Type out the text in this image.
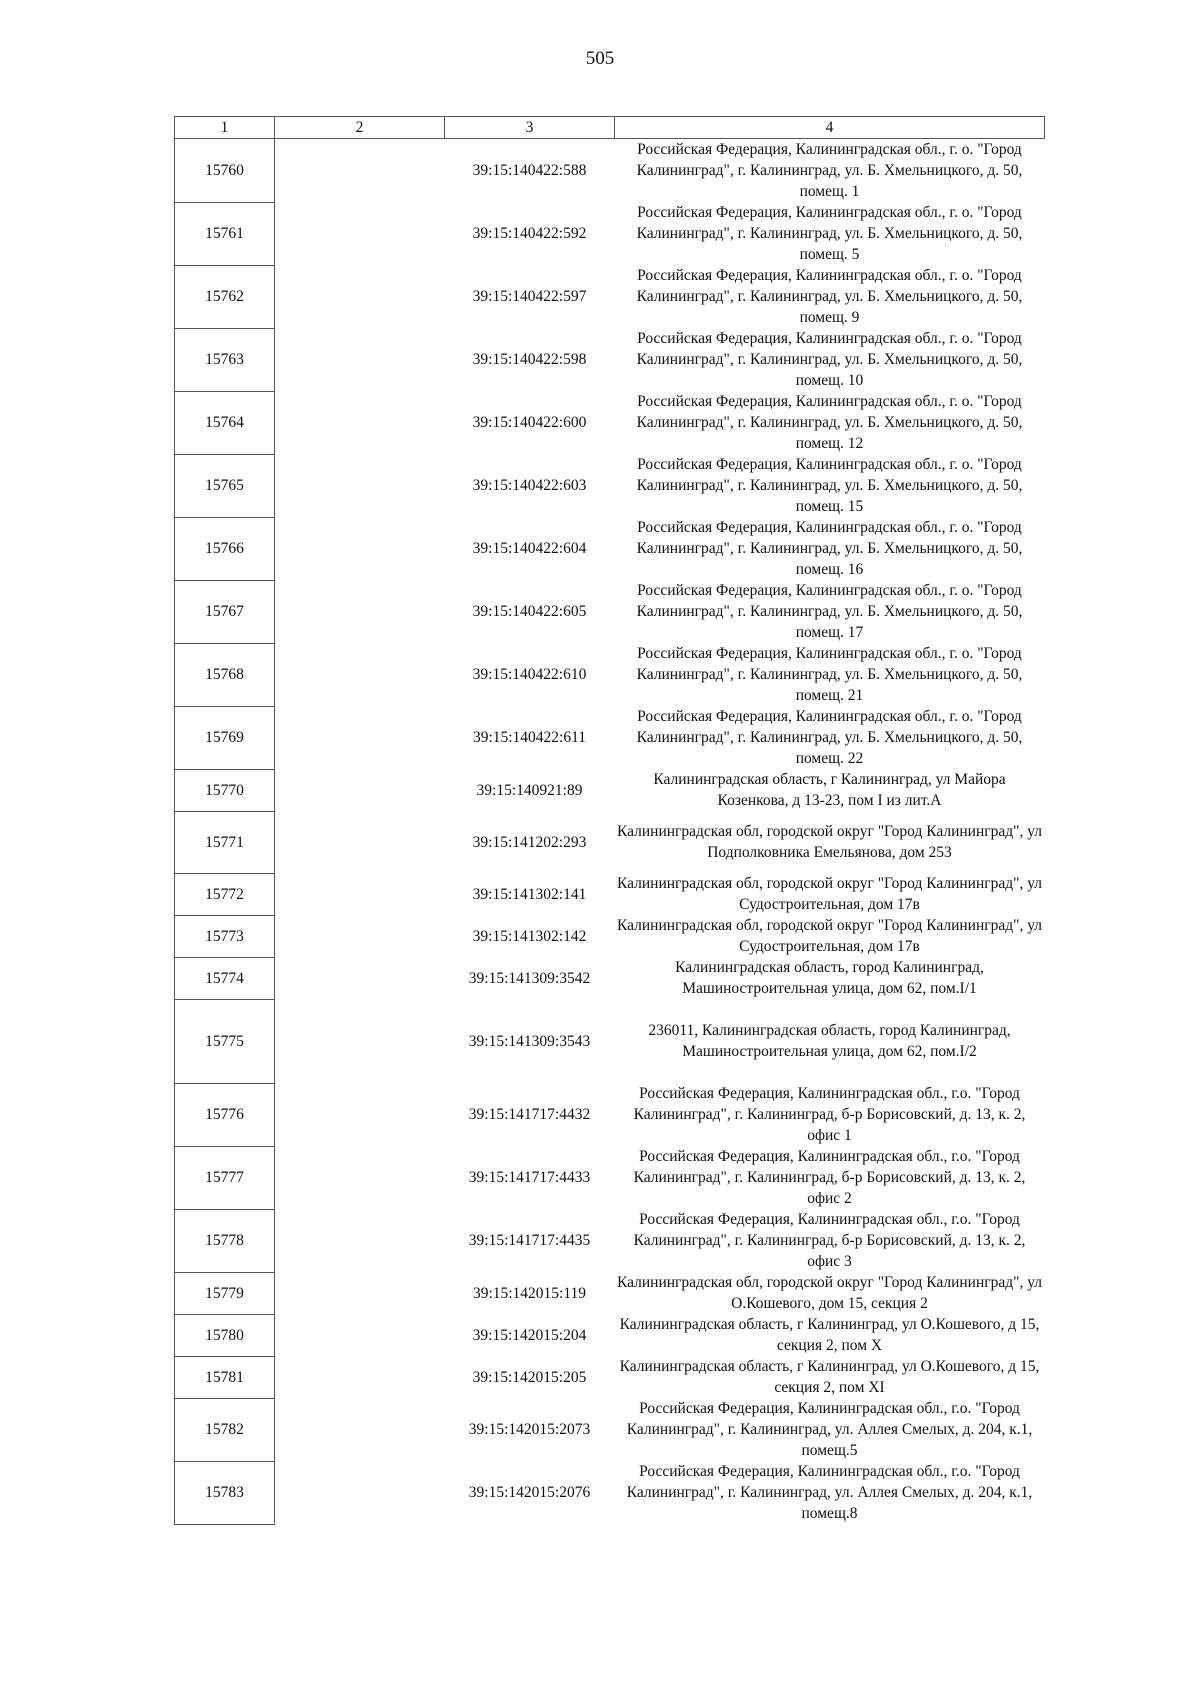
505
1	2	3	4
15760		39:15:140422:588	Российская Федерация, Калининградская обл., г. о. "Город Калининград", г. Калининград, ул. Б. Хмельницкого, д. 50, помещ. 1
15761		39:15:140422:592	Российская Федерация, Калининградская обл., г. о. "Город Калининград", г. Калининград, ул. Б. Хмельницкого, д. 50, помещ. 5
15762		39:15:140422:597	Российская Федерация, Калининградская обл., г. о. "Город Калининград", г. Калининград, ул. Б. Хмельницкого, д. 50, помещ. 9
15763		39:15:140422:598	Российская Федерация, Калининградская обл., г. о. "Город Калининград", г. Калининград, ул. Б. Хмельницкого, д. 50, помещ. 10
15764		39:15:140422:600	Российская Федерация, Калининградская обл., г. о. "Город Калининград", г. Калининград, ул. Б. Хмельницкого, д. 50, помещ. 12
15765		39:15:140422:603	Российская Федерация, Калининградская обл., г. о. "Город Калининград", г. Калининград, ул. Б. Хмельницкого, д. 50, помещ. 15
15766		39:15:140422:604	Российская Федерация, Калининградская обл., г. о. "Город Калининград", г. Калининград, ул. Б. Хмельницкого, д. 50, помещ. 16
15767		39:15:140422:605	Российская Федерация, Калининградская обл., г. о. "Город Калининград", г. Калининград, ул. Б. Хмельницкого, д. 50, помещ. 17
15768		39:15:140422:610	Российская Федерация, Калининградская обл., г. о. "Город Калининград", г. Калининград, ул. Б. Хмельницкого, д. 50, помещ. 21
15769		39:15:140422:611	Российская Федерация, Калининградская обл., г. о. "Город Калининград", г. Калининград, ул. Б. Хмельницкого, д. 50, помещ. 22
15770		39:15:140921:89	Калининградская область, г Калининград, ул Майора Козенкова, д 13-23, пом I из лит.А
15771		39:15:141202:293	Калининградская обл, городской округ "Город Калининград", ул Подполковника Емельянова, дом 253
15772		39:15:141302:141	Калининградская обл, городской округ "Город Калининград", ул Судостроительная, дом 17в
15773		39:15:141302:142	Калининградская обл, городской округ "Город Калининград", ул Судостроительная, дом 17в
15774		39:15:141309:3542	Калининградская область, город Калининград, Машиностроительная улица, дом 62, пом.I/1
15775		39:15:141309:3543	236011, Калининградская область, город Калининград, Машиностроительная улица, дом 62, пом.I/2
15776		39:15:141717:4432	Российская Федерация, Калининградская обл., г.о. "Город Калининград", г. Калининград, б-р Борисовский, д. 13, к. 2, офис 1
15777		39:15:141717:4433	Российская Федерация, Калининградская обл., г.о. "Город Калининград", г. Калининград, б-р Борисовский, д. 13, к. 2, офис 2
15778		39:15:141717:4435	Российская Федерация, Калининградская обл., г.о. "Город Калининград", г. Калининград, б-р Борисовский, д. 13, к. 2, офис 3
15779		39:15:142015:119	Калининградская обл, городской округ "Город Калининград", ул О.Кошевого, дом 15, секция 2
15780		39:15:142015:204	Калининградская область, г Калининград, ул О.Кошевого, д 15, секция 2, пом X
15781		39:15:142015:205	Калининградская область, г Калининград, ул О.Кошевого, д 15, секция 2, пом XI
15782		39:15:142015:2073	Российская Федерация, Калининградская обл., г.о. "Город Калининград", г. Калининград, ул. Аллея Смелых, д. 204, к.1, помещ.5
15783		39:15:142015:2076	Российская Федерация, Калининградская обл., г.о. "Город Калининград", г. Калининград, ул. Аллея Смелых, д. 204, к.1, помещ.8
